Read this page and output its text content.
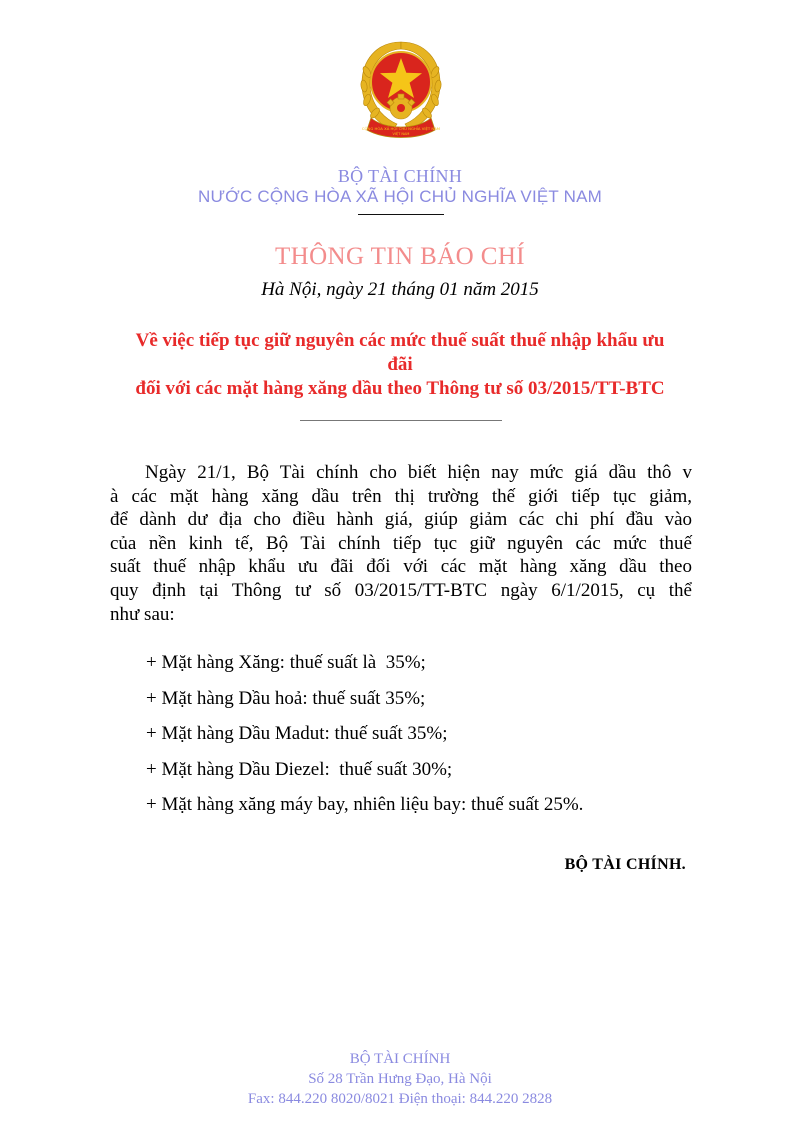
CỘNG HÒA XÃ HỘI CHỦ NGHĨA VIỆT NAM
VIỆT NAM
BỘ TÀI CHÍNH
NƯỚC CỘNG HÒA XÃ HỘI CHỦ NGHĨA VIỆT NAM
THÔNG TIN BÁO CHÍ
Hà Nội, ngày 21 tháng 01 năm 2015
Về việc tiếp tục giữ nguyên các mức thuế suất thuế nhập khẩu ưu
đãi
đối với các mặt hàng xăng dầu theo Thông tư số 03/2015/TT-BTC
Ngày 21/1, Bộ Tài chính cho biết hiện nay mức giá dầu thô v
à các mặt hàng xăng dầu trên thị trường thế giới tiếp tục giảm,
để dành dư địa cho điều hành giá, giúp giảm các chi phí đầu vào
của nền kinh tế, Bộ Tài chính tiếp tục giữ nguyên các mức thuế
suất thuế nhập khẩu ưu đãi đối với các mặt hàng xăng dầu theo
quy định tại Thông tư số 03/2015/TT-BTC ngày 6/1/2015, cụ thể
như sau:
+ Mặt hàng Xăng: thuế suất là  35%;
+ Mặt hàng Dầu hoả: thuế suất 35%;
+ Mặt hàng Dầu Madut: thuế suất 35%;
+ Mặt hàng Dầu Diezel:  thuế suất 30%;
+ Mặt hàng xăng máy bay, nhiên liệu bay: thuế suất 25%.
BỘ TÀI CHÍNH.
BỘ TÀI CHÍNH
Số 28 Trần Hưng Đạo, Hà Nội
Fax: 844.220 8020/8021 Điện thoại: 844.220 2828
